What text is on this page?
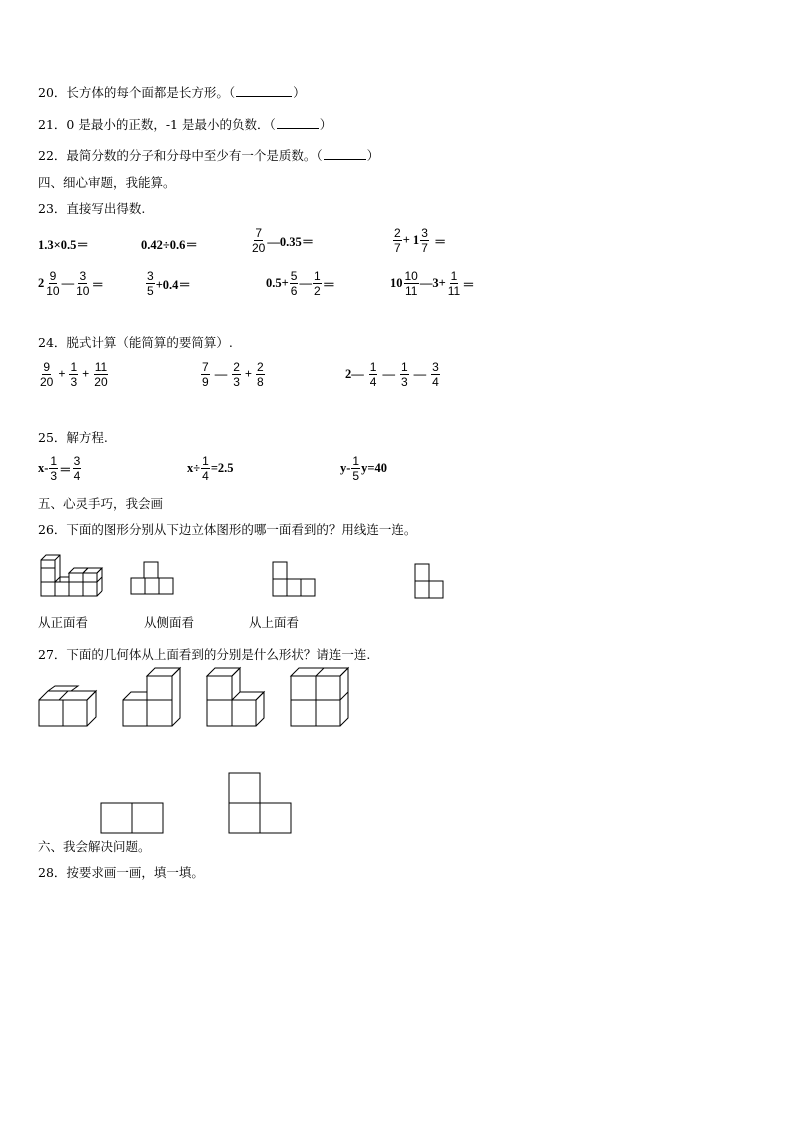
20．长方体的每个面都是长方形。（	）
21．0 是最小的正数，-1 是最小的负数．（	）
22．最简分数的分子和分母中至少有一个是质数。（	）
四、细心审题，我能算。
23．直接写出得数.
1.3×0.5＝	0.42÷0.6＝	$\frac{7}{20}$ —0.35＝	$\frac{2}{7} + 1 \frac{3}{7}$ ＝
$2 \frac{9}{10}$ — $\frac{3}{10}$ ＝	$\frac{3}{5} +0.4=$	$0.5+ \frac{5}{6}$ — $\frac{1}{2}$ ＝	$10 \frac{10}{11}$ —3+ $\frac{1}{11}$ ＝
24．脱式计算（能简算的要简算）.
$\frac{9}{20} + \frac{1}{3} + \frac{11}{20}$	$\frac{7}{9}$ — $\frac{2}{3} + \frac{2}{8}$	2— $\frac{1}{4}$ — $\frac{1}{3}$ — $\frac{3}{4}$
25．解方程.
$x- \frac{1}{3} = \frac{3}{4}$	$x\div \frac{1}{4} =2.5$	$y- \frac{1}{5} y=40$
五、心灵手巧，我会画
26．下面的图形分别从下边立体图形的哪一面看到的？用线连一连。
从正面看	从侧面看	从上面看
27．下面的几何体从上面看到的分别是什么形状？请连一连.
六、我会解决问题。
28．按要求画一画，填一填。
